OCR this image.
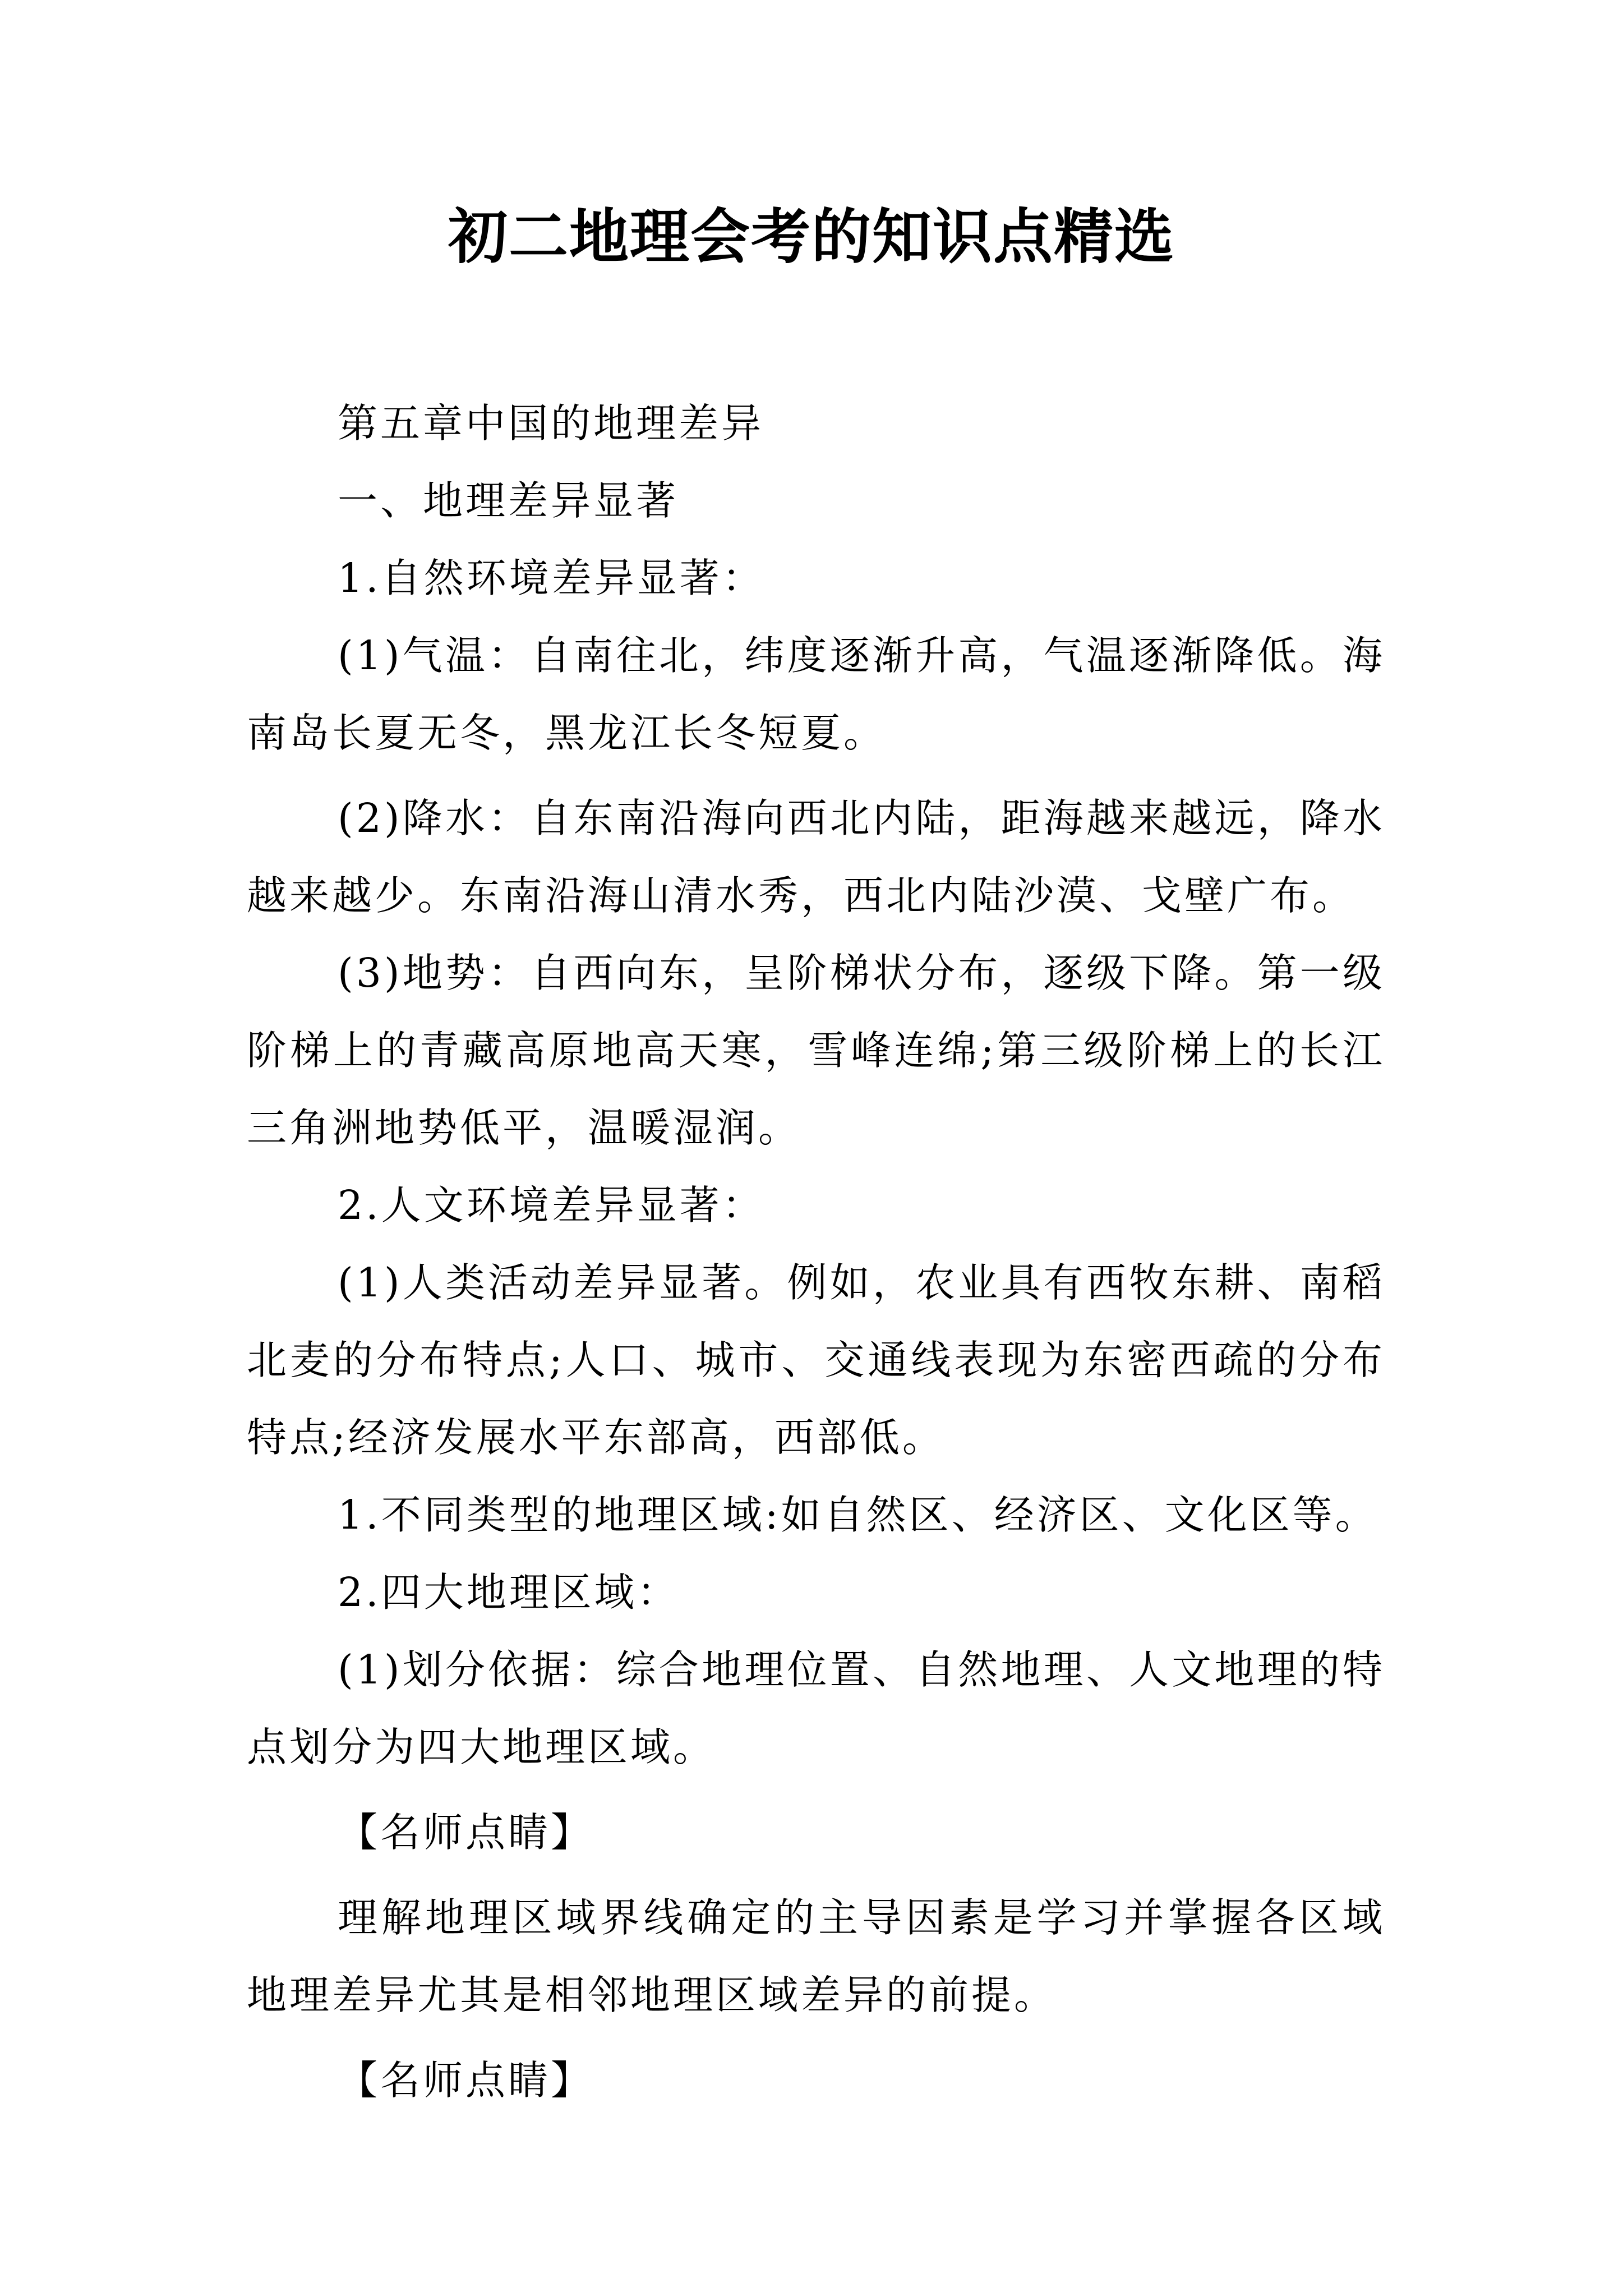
初二地理会考的知识点精选

第五章中国的地理差异

一、地理差异显著

1.自然环境差异显著：

(1)气温：自南往北，纬度逐渐升高，气温逐渐降低。海南岛长夏无冬，黑龙江长冬短夏。

(2)降水：自东南沿海向西北内陆，距海越来越远，降水越来越少。东南沿海山清水秀，西北内陆沙漠、戈壁广布。

(3)地势：自西向东，呈阶梯状分布，逐级下降。第一级阶梯上的青藏高原地高天寒，雪峰连绵;第三级阶梯上的长江三角洲地势低平，温暖湿润。

2.人文环境差异显著：

(1)人类活动差异显著。例如，农业具有西牧东耕、南稻北麦的分布特点;人口、城市、交通线表现为东密西疏的分布特点;经济发展水平东部高，西部低。

1.不同类型的地理区域:如自然区、经济区、文化区等。

2.四大地理区域：

(1)划分依据：综合地理位置、自然地理、人文地理的特点划分为四大地理区域。

【名师点睛】

理解地理区域界线确定的主导因素是学习并掌握各区域地理差异尤其是相邻地理区域差异的前提。

【名师点睛】
